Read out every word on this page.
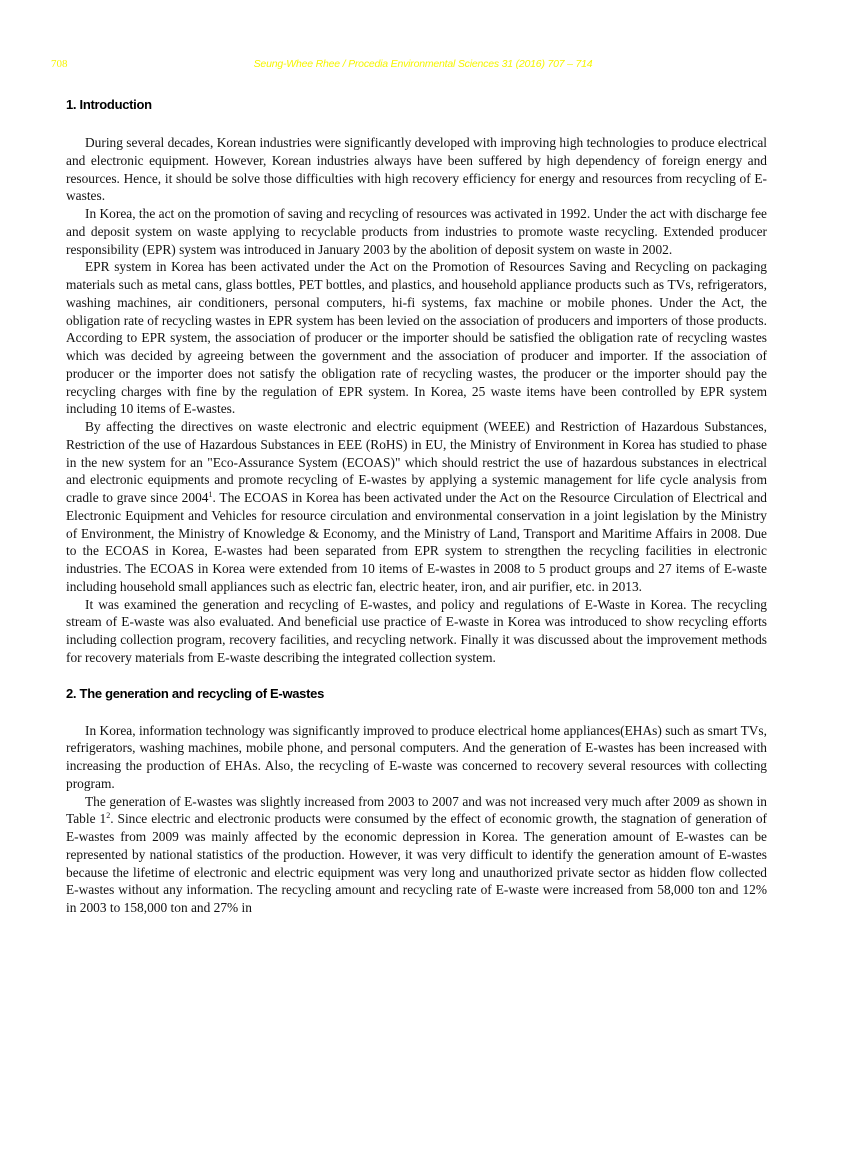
708	Seung-Whee Rhee / Procedia Environmental Sciences 31 (2016) 707 – 714
1. Introduction

During several decades, Korean industries were significantly developed with improving high technologies to produce electrical and electronic equipment. However, Korean industries always have been suffered by high dependency of foreign energy and resources. Hence, it should be solve those difficulties with high recovery efficiency for energy and resources from recycling of E-wastes.

In Korea, the act on the promotion of saving and recycling of resources was activated in 1992. Under the act with discharge fee and deposit system on waste applying to recyclable products from industries to promote waste recycling. Extended producer responsibility (EPR) system was introduced in January 2003 by the abolition of deposit system on waste in 2002.

EPR system in Korea has been activated under the Act on the Promotion of Resources Saving and Recycling on packaging materials such as metal cans, glass bottles, PET bottles, and plastics, and household appliance products such as TVs, refrigerators, washing machines, air conditioners, personal computers, hi-fi systems, fax machine or mobile phones. Under the Act, the obligation rate of recycling wastes in EPR system has been levied on the association of producers and importers of those products. According to EPR system, the association of producer or the importer should be satisfied the obligation rate of recycling wastes which was decided by agreeing between the government and the association of producer and importer. If the association of producer or the importer does not satisfy the obligation rate of recycling wastes, the producer or the importer should pay the recycling charges with fine by the regulation of EPR system. In Korea, 25 waste items have been controlled by EPR system including 10 items of E-wastes.

By affecting the directives on waste electronic and electric equipment (WEEE) and Restriction of Hazardous Substances, Restriction of the use of Hazardous Substances in EEE (RoHS) in EU, the Ministry of Environment in Korea has studied to phase in the new system for an "Eco-Assurance System (ECOAS)" which should restrict the use of hazardous substances in electrical and electronic equipments and promote recycling of E-wastes by applying a systemic management for life cycle analysis from cradle to grave since 2004$^1$. The ECOAS in Korea has been activated under the Act on the Resource Circulation of Electrical and Electronic Equipment and Vehicles for resource circulation and environmental conservation in a joint legislation by the Ministry of Environment, the Ministry of Knowledge & Economy, and the Ministry of Land, Transport and Maritime Affairs in 2008. Due to the ECOAS in Korea, E-wastes had been separated from EPR system to strengthen the recycling facilities in electronic industries. The ECOAS in Korea were extended from 10 items of E-wastes in 2008 to 5 product groups and 27 items of E-waste including household small appliances such as electric fan, electric heater, iron, and air purifier, etc. in 2013.

It was examined the generation and recycling of E-wastes, and policy and regulations of E-Waste in Korea. The recycling stream of E-waste was also evaluated. And beneficial use practice of E-waste in Korea was introduced to show recycling efforts including collection program, recovery facilities, and recycling network. Finally it was discussed about the improvement methods for recovery materials from E-waste describing the integrated collection system.

2. The generation and recycling of E-wastes

In Korea, information technology was significantly improved to produce electrical home appliances(EHAs) such as smart TVs, refrigerators, washing machines, mobile phone, and personal computers. And the generation of E-wastes has been increased with increasing the production of EHAs. Also, the recycling of E-waste was concerned to recovery several resources with collecting program.

The generation of E-wastes was slightly increased from 2003 to 2007 and was not increased very much after 2009 as shown in Table $1^2$. Since electric and electronic products were consumed by the effect of economic growth, the stagnation of generation of E-wastes from 2009 was mainly affected by the economic depression in Korea. The generation amount of E-wastes can be represented by national statistics of the production. However, it was very difficult to identify the generation amount of E-wastes because the lifetime of electronic and electric equipment was very long and unauthorized private sector as hidden flow collected E-wastes without any information. The recycling amount and recycling rate of E-waste were increased from 58,000 ton and 12% in 2003 to 158,000 ton and 27% in
